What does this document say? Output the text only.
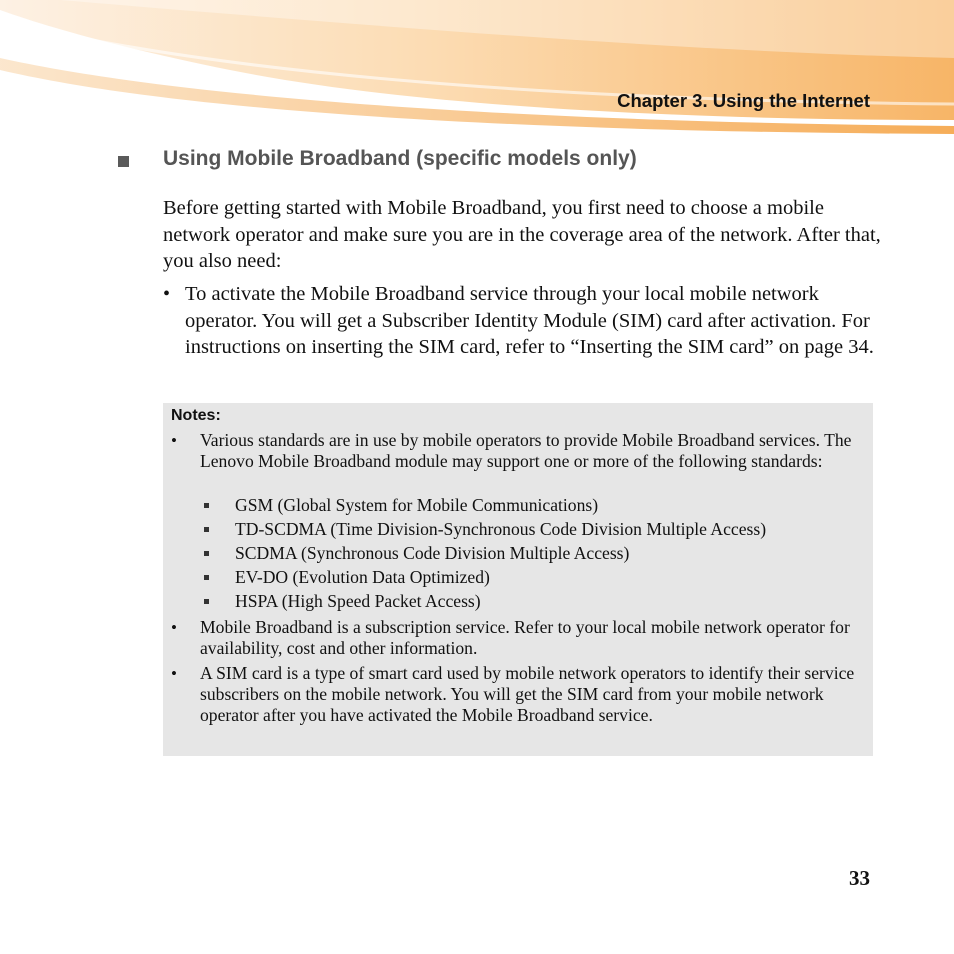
Chapter 3. Using the Internet
Using Mobile Broadband (specific models only)

Before getting started with Mobile Broadband, you first need to choose a mobile network operator and make sure you are in the coverage area of the network. After that, you also need:

• To activate the Mobile Broadband service through your local mobile network operator. You will get a Subscriber Identity Module (SIM) card after activation. For instructions on inserting the SIM card, refer to “Inserting the SIM card” on page 34.

Notes:
• Various standards are in use by mobile operators to provide Mobile Broadband services. The Lenovo Mobile Broadband module may support one or more of the following standards:

GSM (Global System for Mobile Communications)
TD-SCDMA (Time Division-Synchronous Code Division Multiple Access)
SCDMA (Synchronous Code Division Multiple Access)
EV-DO (Evolution Data Optimized)
HSPA (High Speed Packet Access)
• Mobile Broadband is a subscription service. Refer to your local mobile network operator for availability, cost and other information.

• A SIM card is a type of smart card used by mobile network operators to identify their service subscribers on the mobile network. You will get the SIM card from your mobile network operator after you have activated the Mobile Broadband service.

33
